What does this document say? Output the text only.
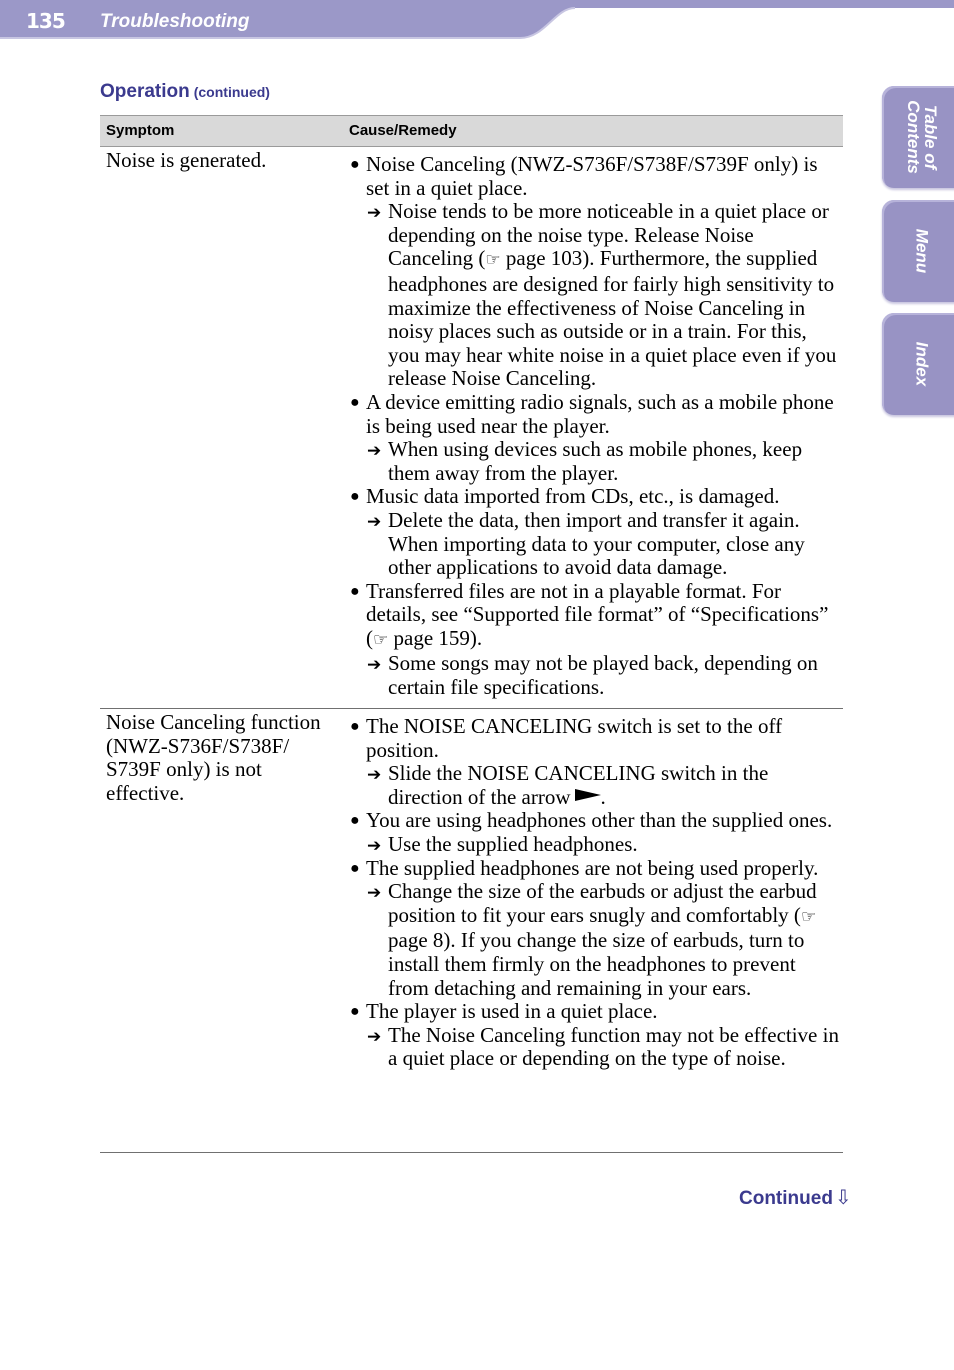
135 Troubleshooting
Table of
Contents
Menu
Index
Operation (continued)
Symptom	Cause/Remedy
Noise is generated.	● Noise Canceling (NWZ-S736F/S738F/S739F only) is set in a quiet place.
➔ Noise tends to be more noticeable in a quiet place or depending on the noise type. Release Noise Canceling (☞ page 103). Furthermore, the supplied headphones are designed for fairly high sensitivity to maximize the effectiveness of Noise Canceling in noisy places such as outside or in a train. For this, you may hear white noise in a quiet place even if you release Noise Canceling.
● A device emitting radio signals, such as a mobile phone is being used near the player.
➔ When using devices such as mobile phones, keep them away from the player.
● Music data imported from CDs, etc., is damaged.
➔ Delete the data, then import and transfer it again. When importing data to your computer, close any other applications to avoid data damage.
● Transferred files are not in a playable format. For details, see “Supported file format” of “Specifications” (☞ page 159).
➔ Some songs may not be played back, depending on certain file specifications.
Noise Canceling function (NWZ-S736F/S738F/ S739F only) is not effective.
● The NOISE CANCELING switch is set to the off position.
➔ Slide the NOISE CANCELING switch in the direction of the arrow .
● You are using headphones other than the supplied ones.
➔ Use the supplied headphones.
● The supplied headphones are not being used properly.
➔ Change the size of the earbuds or adjust the earbud position to fit your ears snugly and comfortably (☞ page 8). If you change the size of earbuds, turn to install them firmly on the headphones to prevent from detaching and remaining in your ears.
● The player is used in a quiet place.
➔ The Noise Canceling function may not be effective in a quiet place or depending on the type of noise.
Continued ⇩
